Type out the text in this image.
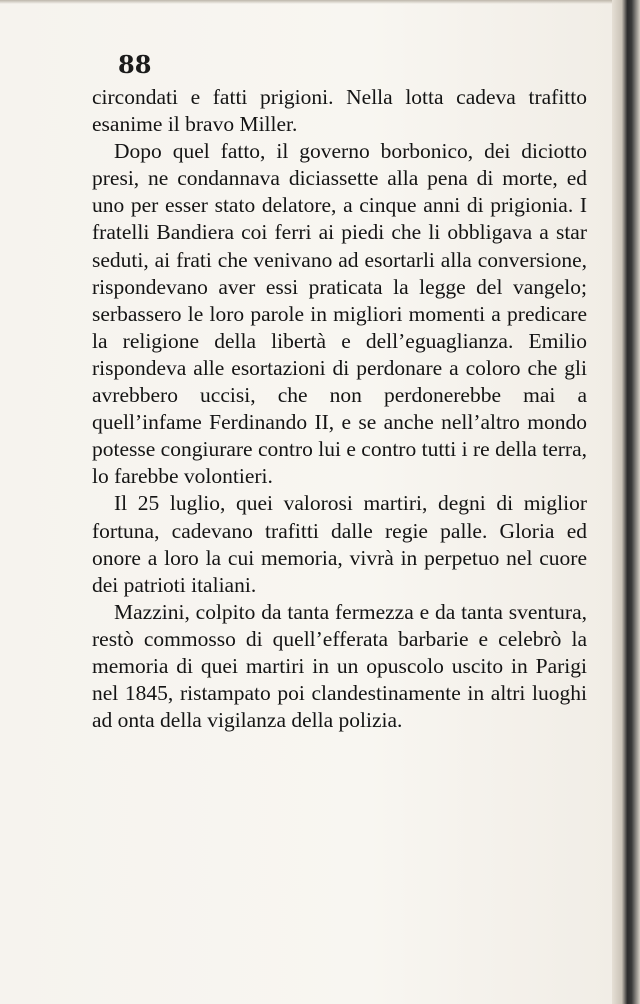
88

circondati e fatti prigioni. Nella lotta cadeva trafitto esanime il bravo Miller.

Dopo quel fatto, il governo borbonico, dei diciotto presi, ne condannava diciassette alla pena di morte, ed uno per esser stato delatore, a cinque anni di prigionia. I fratelli Bandiera coi ferri ai piedi che li obbligava a star seduti, ai frati che venivano ad esortarli alla conversione, rispondevano aver essi praticata la legge del vangelo; serbassero le loro parole in migliori momenti a predicare la religione della libertà e dell’eguaglianza. Emilio rispondeva alle esortazioni di perdonare a coloro che gli avrebbero uccisi, che non perdonerebbe mai a quell’infame Ferdinando II, e se anche nell’altro mondo potesse congiurare contro lui e contro tutti i re della terra, lo farebbe volontieri.

Il 25 luglio, quei valorosi martiri, degni di miglior fortuna, cadevano trafitti dalle regie palle. Gloria ed onore a loro la cui memoria, vivrà in perpetuo nel cuore dei patrioti italiani.

Mazzini, colpito da tanta fermezza e da tanta sventura, restò commosso di quell’efferata barbarie e celebrò la memoria di quei martiri in un opuscolo uscito in Parigi nel 1845, ristampato poi clandestinamente in altri luoghi ad onta della vigilanza della polizia.
